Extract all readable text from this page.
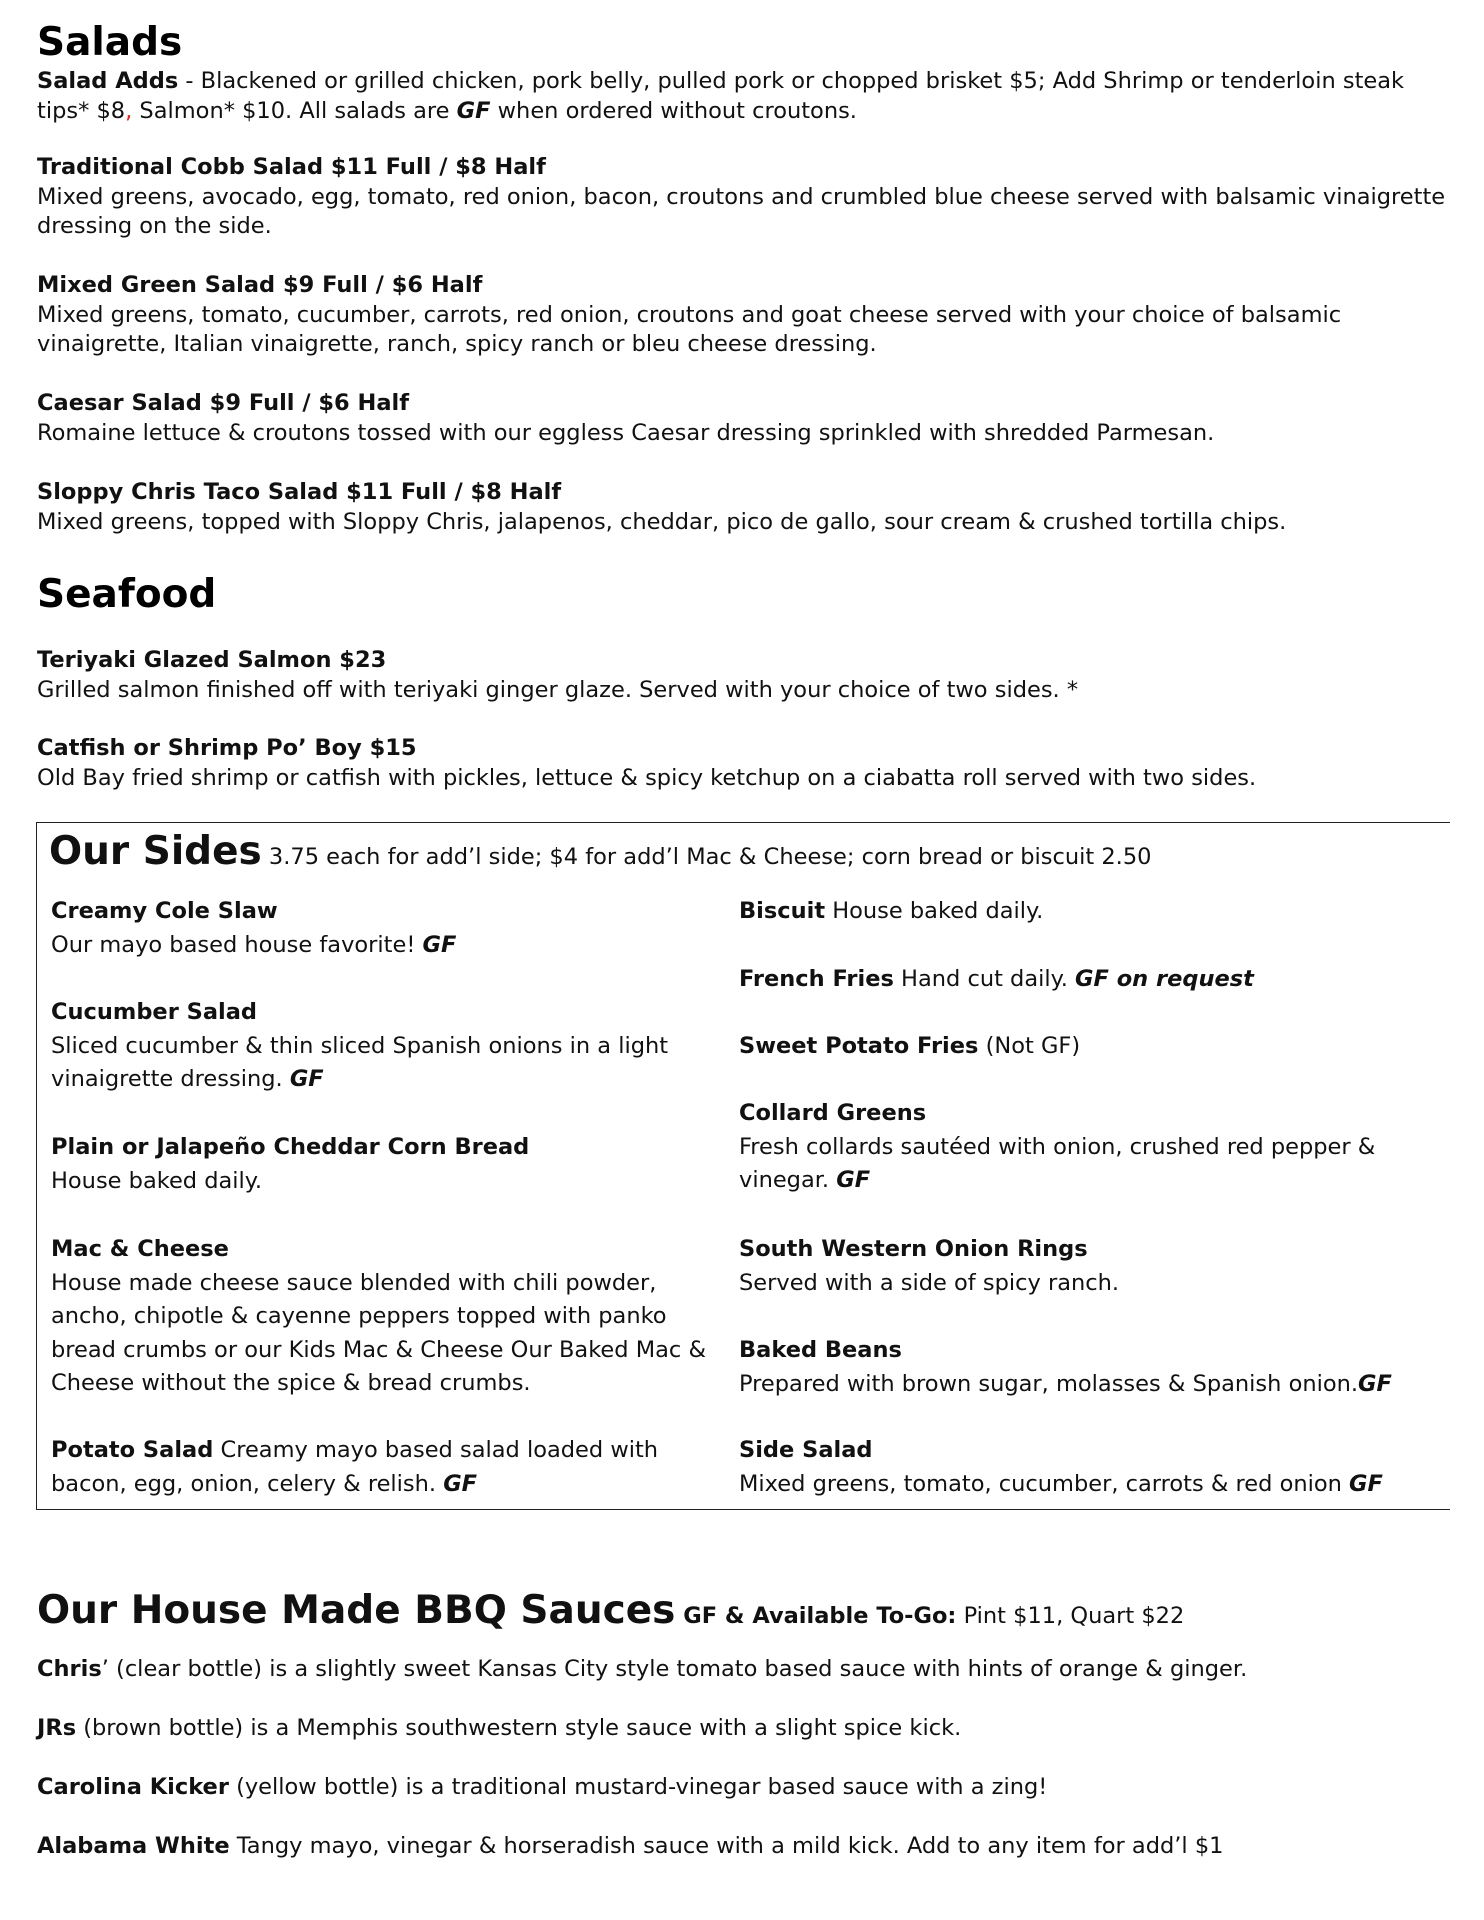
Salads
Salad Adds - Blackened or grilled chicken, pork belly, pulled pork or chopped brisket $5; Add Shrimp or tenderloin steak tips* $8, Salmon* $10. All salads are GF when ordered without croutons.
Traditional Cobb Salad $11 Full / $8 Half
Mixed greens, avocado, egg, tomato, red onion, bacon, croutons and crumbled blue cheese served with balsamic vinaigrette dressing on the side.
Mixed Green Salad $9 Full / $6 Half
Mixed greens, tomato, cucumber, carrots, red onion, croutons and goat cheese served with your choice of balsamic vinaigrette, Italian vinaigrette, ranch, spicy ranch or bleu cheese dressing.
Caesar Salad $9 Full / $6 Half
Romaine lettuce & croutons tossed with our eggless Caesar dressing sprinkled with shredded Parmesan.
Sloppy Chris Taco Salad $11 Full / $8 Half
Mixed greens, topped with Sloppy Chris, jalapenos, cheddar, pico de gallo, sour cream & crushed tortilla chips.
Seafood
Teriyaki Glazed Salmon $23
Grilled salmon finished off with teriyaki ginger glaze. Served with your choice of two sides. *
Catfish or Shrimp Po’ Boy $15
Old Bay fried shrimp or catfish with pickles, lettuce & spicy ketchup on a ciabatta roll served with two sides.
Our Sides 3.75 each for add’l side; $4 for add’l Mac & Cheese; corn bread or biscuit 2.50
Creamy Cole Slaw
Our mayo based house favorite! GF
Cucumber Salad
Sliced cucumber & thin sliced Spanish onions in a light vinaigrette dressing. GF
Plain or Jalapeño Cheddar Corn Bread
House baked daily.
Mac & Cheese
House made cheese sauce blended with chili powder, ancho, chipotle & cayenne peppers topped with panko bread crumbs or our Kids Mac & Cheese Our Baked Mac & Cheese without the spice & bread crumbs.
Potato Salad Creamy mayo based salad loaded with bacon, egg, onion, celery & relish. GF
Biscuit House baked daily.
French Fries Hand cut daily. GF on request
Sweet Potato Fries (Not GF)
Collard Greens
Fresh collards sautéed with onion, crushed red pepper & vinegar. GF
South Western Onion Rings
Served with a side of spicy ranch.
Baked Beans
Prepared with brown sugar, molasses & Spanish onion.GF
Side Salad
Mixed greens, tomato, cucumber, carrots & red onion GF
Our House Made BBQ Sauces GF & Available To-Go: Pint $11, Quart $22
Chris’ (clear bottle) is a slightly sweet Kansas City style tomato based sauce with hints of orange & ginger.
JRs (brown bottle) is a Memphis southwestern style sauce with a slight spice kick.
Carolina Kicker (yellow bottle) is a traditional mustard-vinegar based sauce with a zing!
Alabama White Tangy mayo, vinegar & horseradish sauce with a mild kick. Add to any item for add’l $1
